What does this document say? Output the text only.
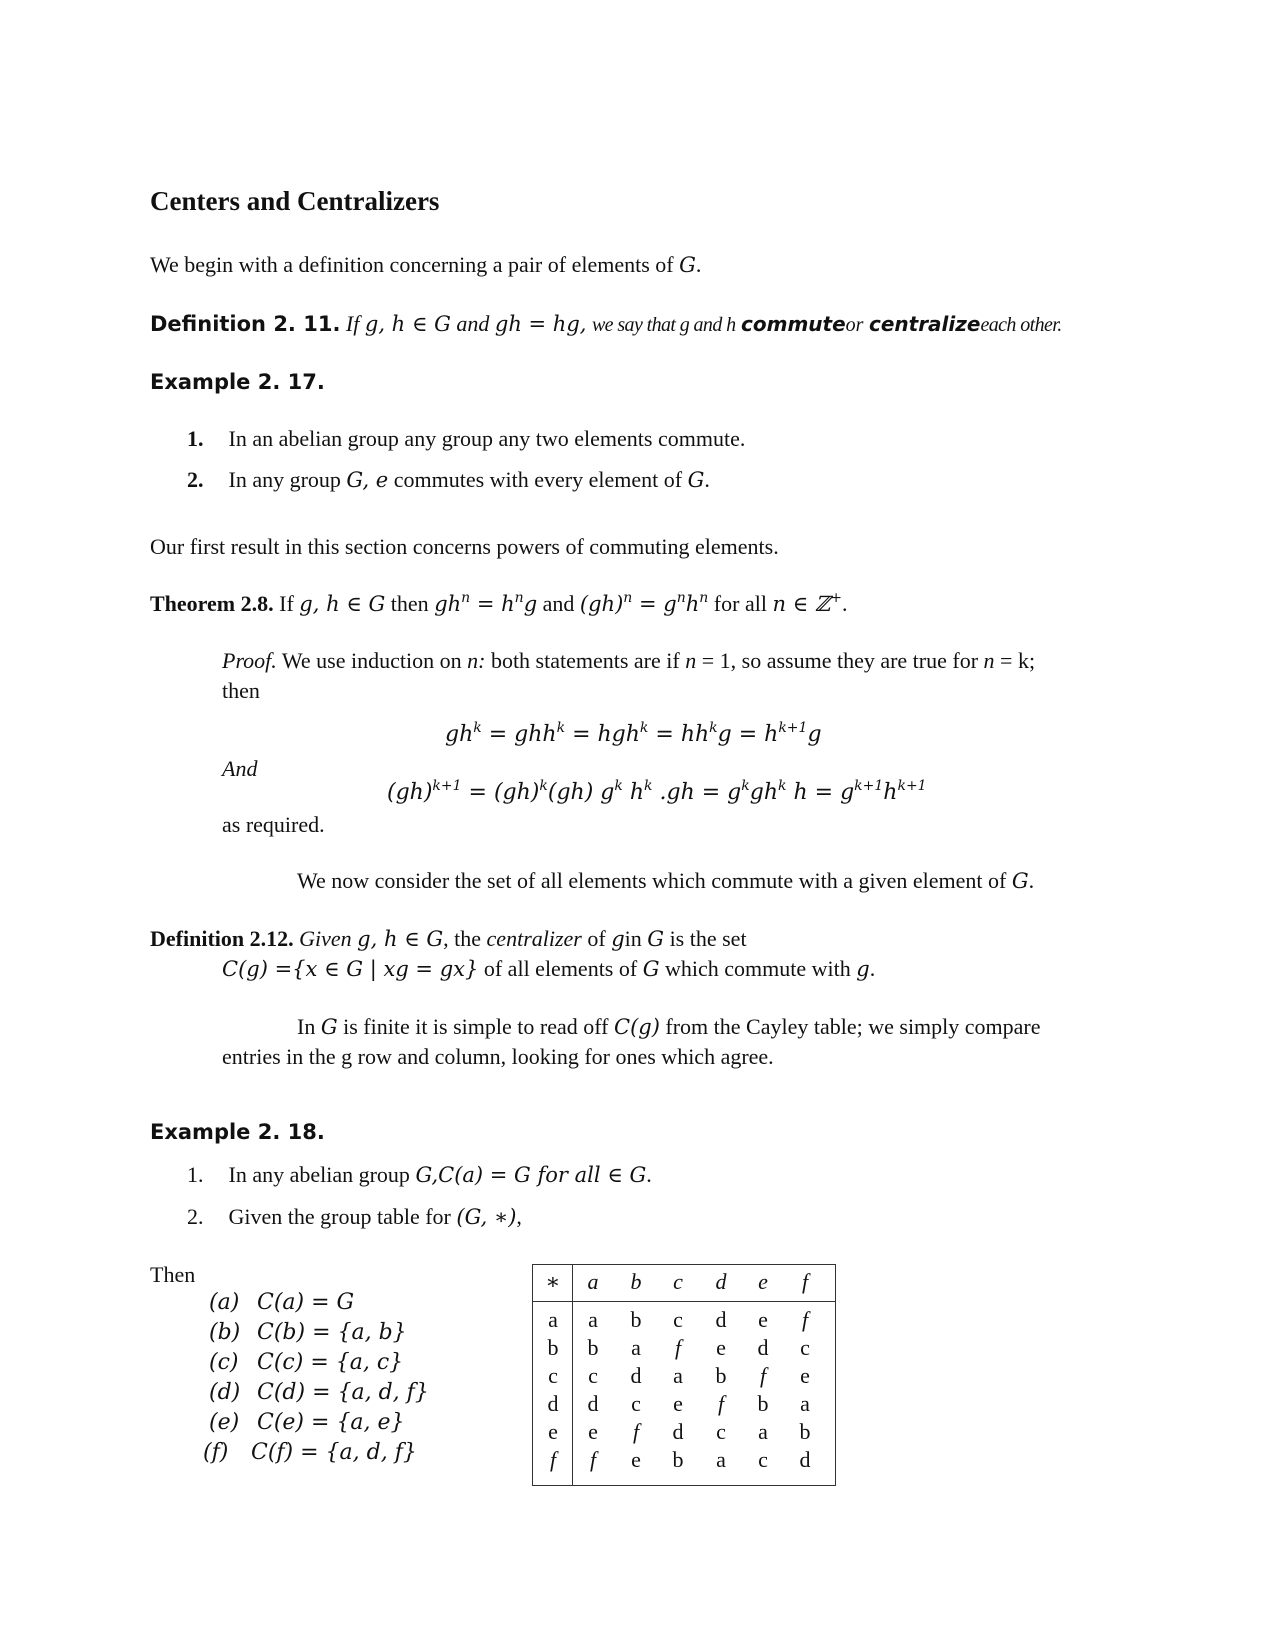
Centers and Centralizers
We begin with a definition concerning a pair of elements of G.
Definition 2. 11. If g, h ∈ G and gh = hg, we say that g and h commuteor centralizeeach other.
Example 2. 17.
1. In an abelian group any group any two elements commute.
2. In any group G, e commutes with every element of G.
Our first result in this section concerns powers of commuting elements.
Theorem 2.8. If g, h ∈ G then $gh^n = h^ng$ and $(gh)^n = g^nh^n$ for all n ∈ ℤ+.
Proof. We use induction on n: both statements are if n = 1, so assume they are true for n = k;
then
$gh^k = ghh^k = hgh^k = hh^kg = h^{k+1}g$
And
(gh)$^{k+1}$ = (gh)$^k$(gh) $g^k$ $h^k$ $.gh = g^kgh^k$ $h = g^{k+1}h^{k+1}$
as required.
We now consider the set of all elements which commute with a given element of G.
Definition 2.12. Given g, h ∈ G, the centralizer of gin G is the set
C(g) ={x ∈ G | xg = gx} of all elements of G which commute with g.
In G is finite it is simple to read off C(g) from the Cayley table; we simply compare
entries in the g row and column, looking for ones which agree.
Example 2. 18.
1. In any abelian group G,C(a) = G for all ∈ G.
2. Given the group table for (G, ∗),
Then
(a) C(a) = G
(b) C(b) = {a, b}
(c) C(c) = {a, c}
(d) C(d) = {a, d, f}
(e) C(e) = {a, e}
(f) C(f) = {a, d, f}
∗	a	b	c	d	e	f
a	a	b	c	d	e	f
b	b	a	f	e	d	c
c	c	d	a	b	f	e
d	d	c	e	f	b	a
e	e	f	d	c	a	b
f	f	e	b	a	c	d
